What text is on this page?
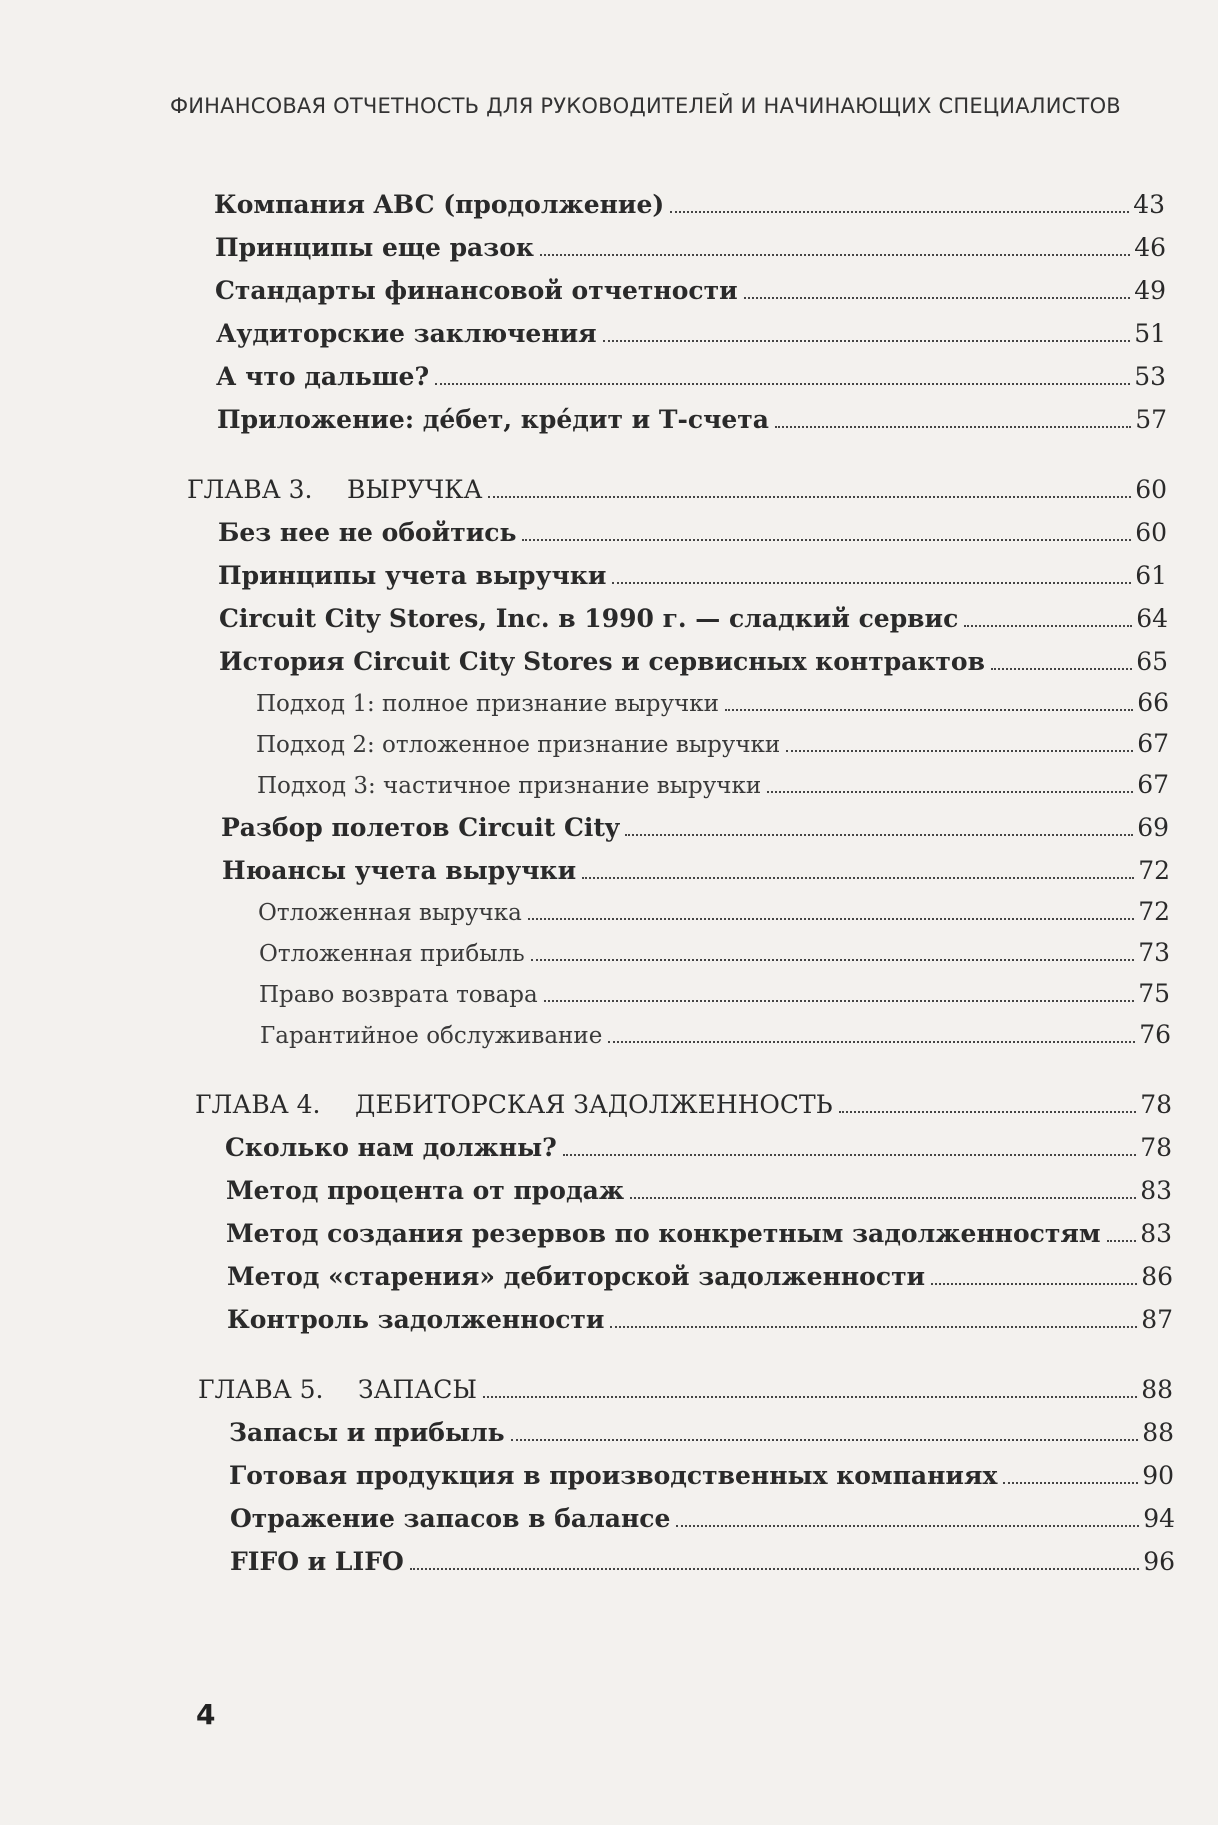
ФИНАНСОВАЯ ОТЧЕТНОСТЬ ДЛЯ РУКОВОДИТЕЛЕЙ И НАЧИНАЮЩИХ СПЕЦИАЛИСТОВ
Компания ABC (продолжение)	43
Принципы еще разок	46
Стандарты финансовой отчетности	49
Аудиторские заключения	51
А что дальше?	53
Приложение: де́бет, кре́дит и Т-счета	57
ГЛАВА 3.	ВЫРУЧКА	60
Без нее не обойтись	60
Принципы учета выручки	61
Circuit City Stores, Inc. в 1990 г. — сладкий сервис	64
История Circuit City Stores и сервисных контрактов	65
Подход 1: полное признание выручки	66
Подход 2: отложенное признание выручки	67
Подход 3: частичное признание выручки	67
Разбор полетов Circuit City	69
Нюансы учета выручки	72
Отложенная выручка	72
Отложенная прибыль	73
Право возврата товара	75
Гарантийное обслуживание	76
ГЛАВА 4.	ДЕБИТОРСКАЯ ЗАДОЛЖЕННОСТЬ	78
Сколько нам должны?	78
Метод процента от продаж	83
Метод создания резервов по конкретным задолженностям 83
Метод «старения» дебиторской задолженности	86
Контроль задолженности	87
ГЛАВА 5.	ЗАПАСЫ	88
Запасы и прибыль	88
Готовая продукция в производственных компаниях	90
Отражение запасов в балансе	94
FIFO и LIFO	96
4
